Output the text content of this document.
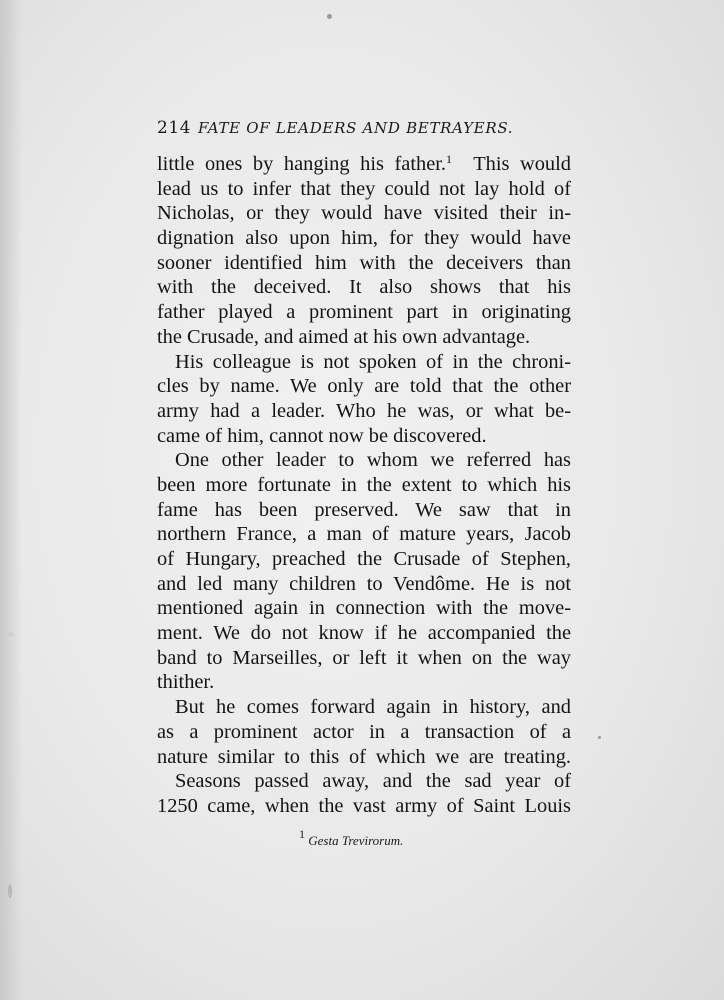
214 FATE OF LEADERS AND BETRAYERS.
little ones by hanging his father.$^1$ This would
lead us to infer that they could not lay hold of
Nicholas, or they would have visited their in-
dignation also upon him, for they would have
sooner identified him with the deceivers than
with the deceived. It also shows that his
father played a prominent part in originating
the Crusade, and aimed at his own advantage.
His colleague is not spoken of in the chroni-
cles by name. We only are told that the other
army had a leader. Who he was, or what be-
came of him, cannot now be discovered.
One other leader to whom we referred has
been more fortunate in the extent to which his
fame has been preserved. We saw that in
northern France, a man of mature years, Jacob
of Hungary, preached the Crusade of Stephen,
and led many children to Vendôme. He is not
mentioned again in connection with the move-
ment. We do not know if he accompanied the
band to Marseilles, or left it when on the way
thither.
But he comes forward again in history, and
as a prominent actor in a transaction of a
nature similar to this of which we are treating.
Seasons passed away, and the sad year of
1250 came, when the vast army of Saint Louis
$^1$ Gesta Trevirorum.
